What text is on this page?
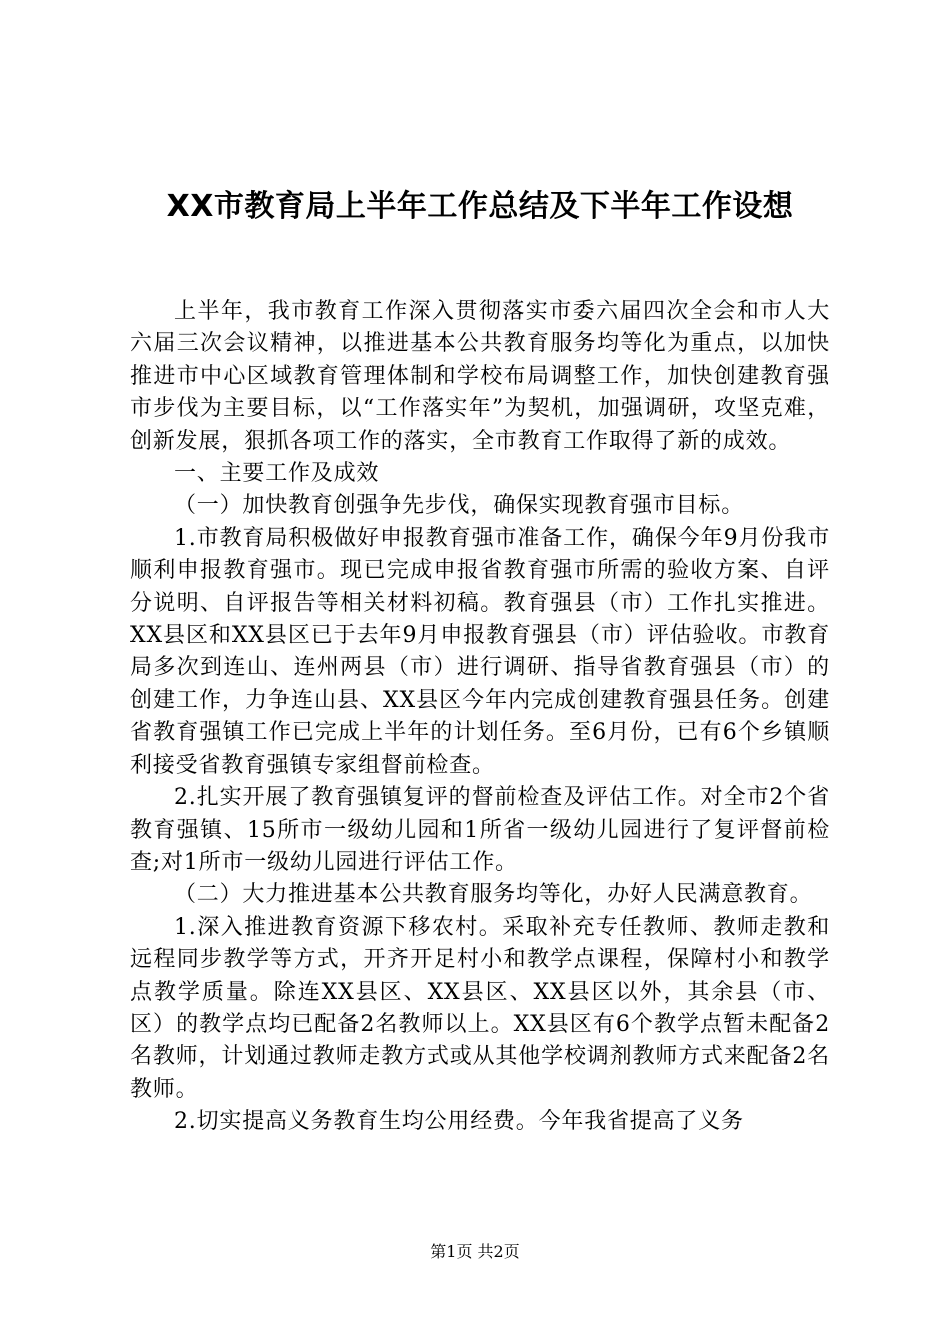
XX市教育局上半年工作总结及下半年工作设想

上半年，我市教育工作深入贯彻落实市委六届四次全会和市人大六届三次会议精神，以推进基本公共教育服务均等化为重点，以加快推进市中心区域教育管理体制和学校布局调整工作，加快创建教育强市步伐为主要目标，以“工作落实年”为契机，加强调研，攻坚克难，创新发展，狠抓各项工作的落实，全市教育工作取得了新的成效。

一、主要工作及成效

（一）加快教育创强争先步伐，确保实现教育强市目标。

1.市教育局积极做好申报教育强市准备工作，确保今年9月份我市顺利申报教育强市。现已完成申报省教育强市所需的验收方案、自评分说明、自评报告等相关材料初稿。教育强县（市）工作扎实推进。XX县区和XX县区已于去年9月申报教育强县（市）评估验收。市教育局多次到连山、连州两县（市）进行调研、指导省教育强县（市）的创建工作，力争连山县、XX县区今年内完成创建教育强县任务。创建省教育强镇工作已完成上半年的计划任务。至6月份，已有6个乡镇顺利接受省教育强镇专家组督前检查。

2.扎实开展了教育强镇复评的督前检查及评估工作。对全市2个省教育强镇、15所市一级幼儿园和1所省一级幼儿园进行了复评督前检查;对1所市一级幼儿园进行评估工作。

（二）大力推进基本公共教育服务均等化，办好人民满意教育。

1.深入推进教育资源下移农村。采取补充专任教师、教师走教和远程同步教学等方式，开齐开足村小和教学点课程，保障村小和教学点教学质量。除连XX县区、XX县区、XX县区以外，其余县（市、区）的教学点均已配备2名教师以上。XX县区有6个教学点暂未配备2名教师，计划通过教师走教方式或从其他学校调剂教师方式来配备2名教师。

2.切实提高义务教育生均公用经费。今年我省提高了义务

第1页 共2页
